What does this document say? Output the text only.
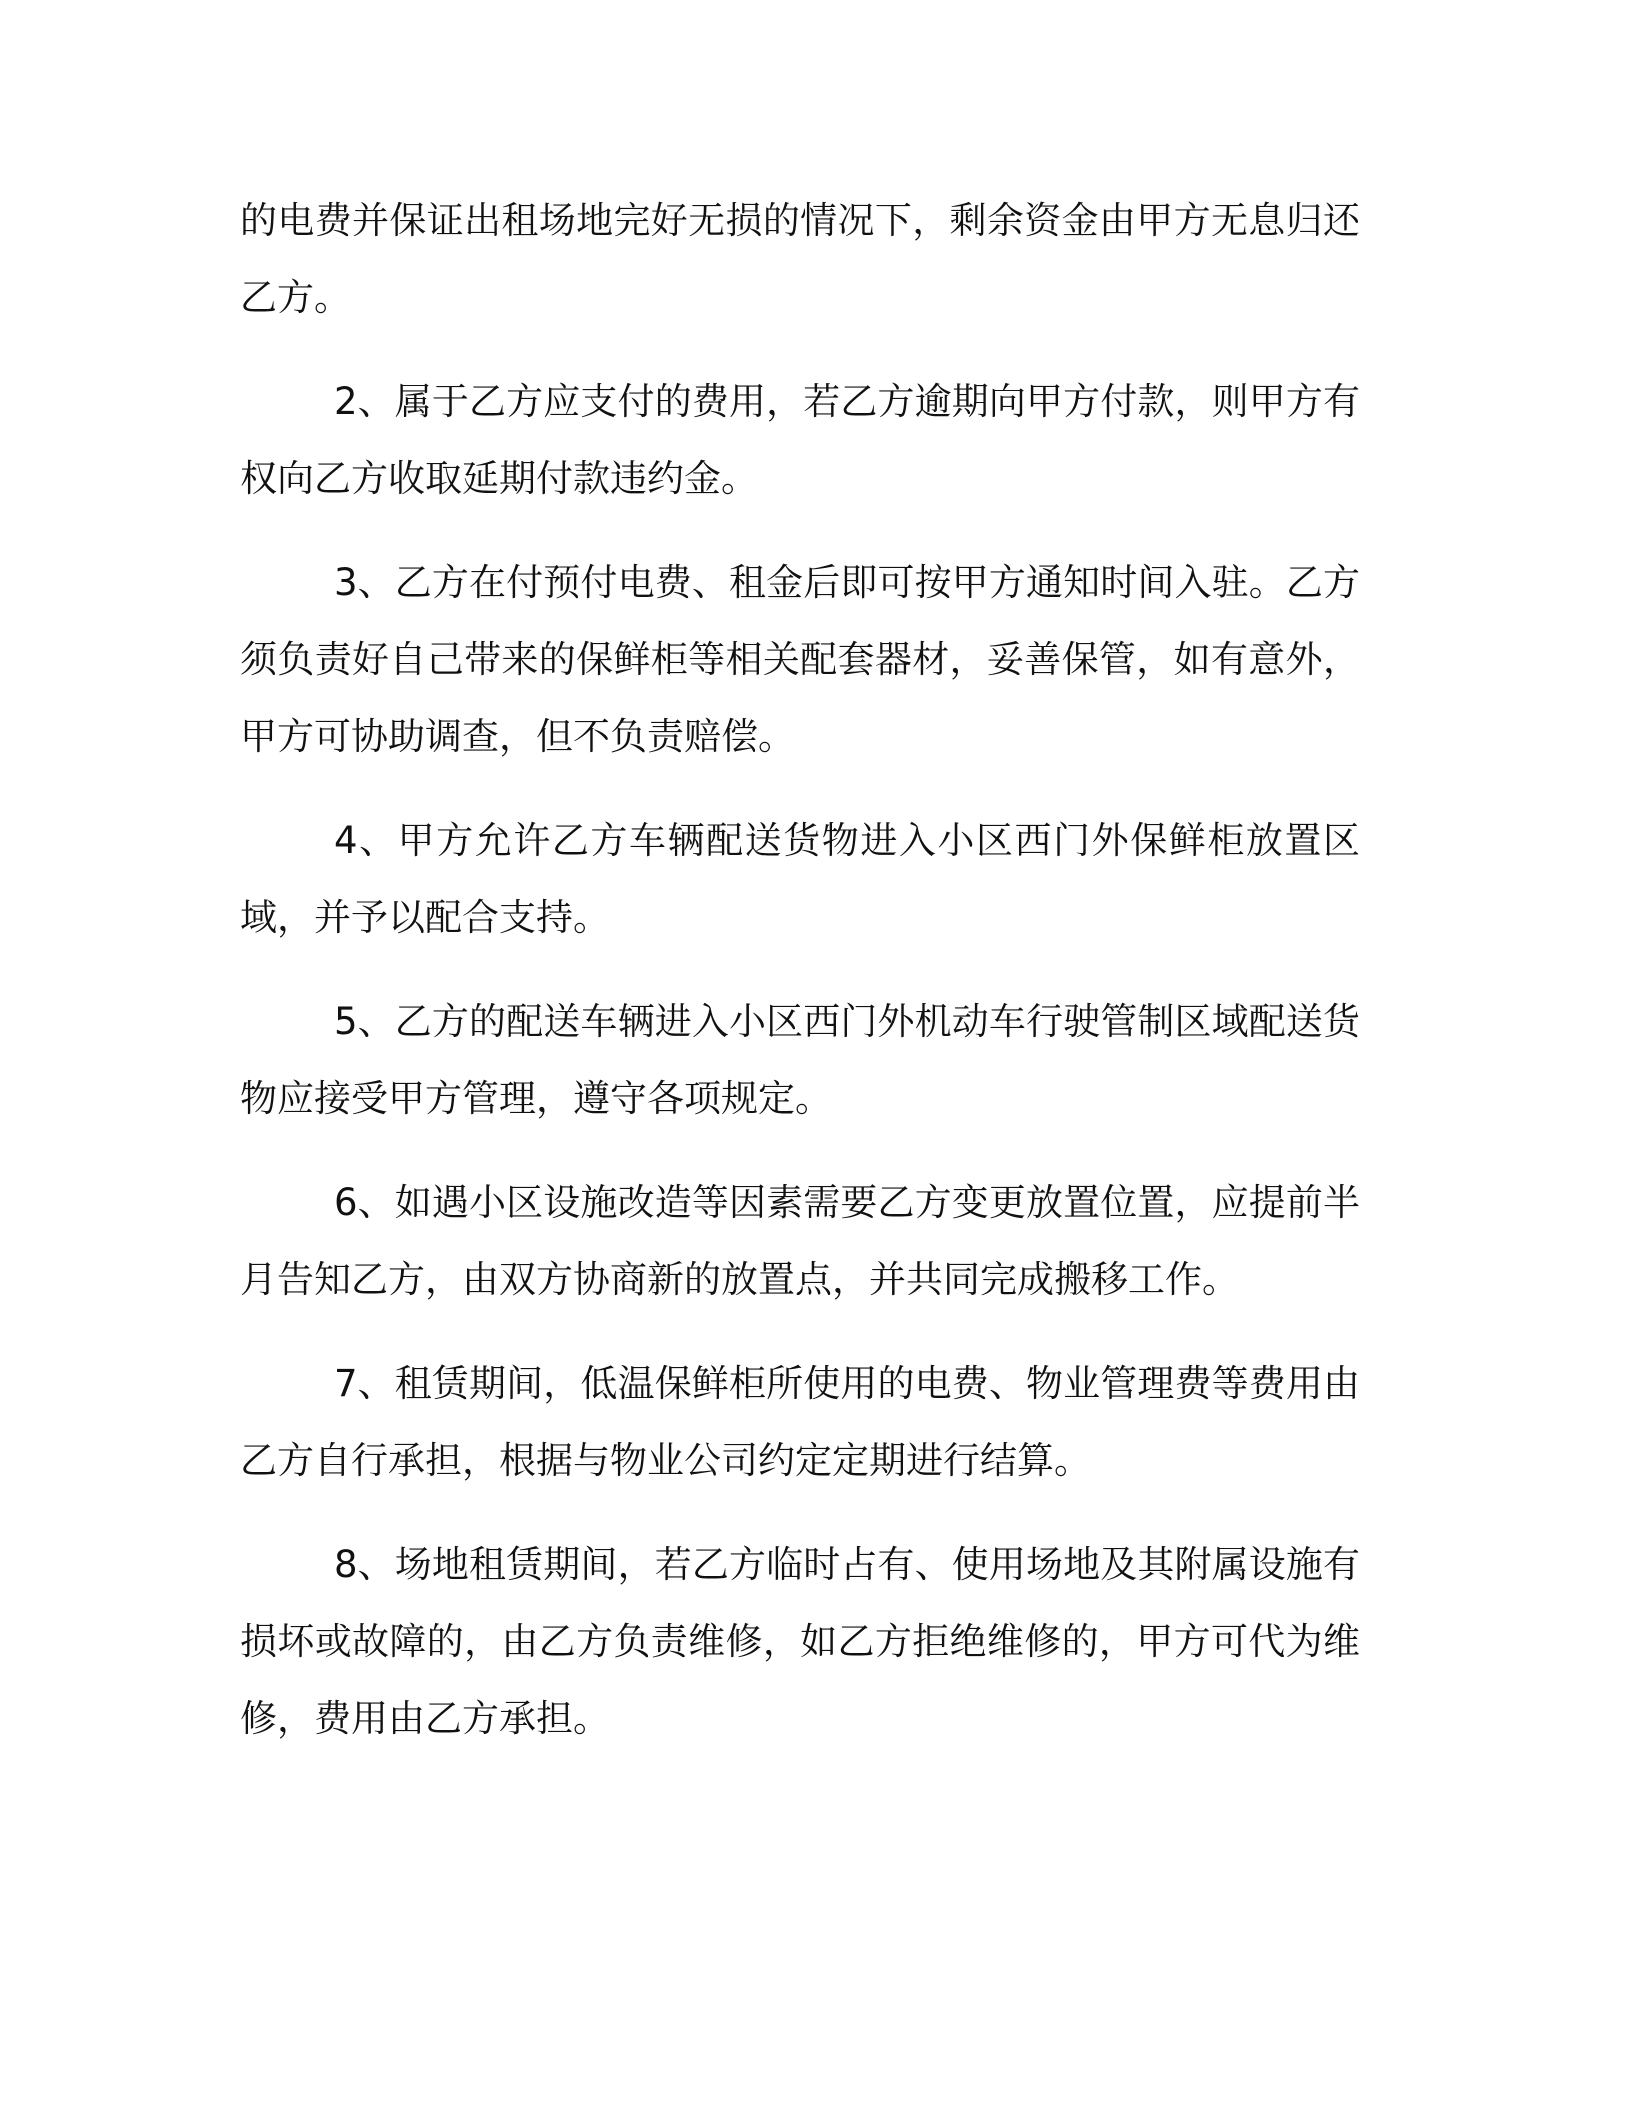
的电费并保证出租场地完好无损的情况下，剩余资金由甲方无息归还乙方。

2、属于乙方应支付的费用，若乙方逾期向甲方付款，则甲方有权向乙方收取延期付款违约金。

3、乙方在付预付电费、租金后即可按甲方通知时间入驻。乙方须负责好自己带来的保鲜柜等相关配套器材，妥善保管，如有意外，甲方可协助调查，但不负责赔偿。

4、甲方允许乙方车辆配送货物进入小区西门外保鲜柜放置区域，并予以配合支持。

5、乙方的配送车辆进入小区西门外机动车行驶管制区域配送货物应接受甲方管理，遵守各项规定。

6、如遇小区设施改造等因素需要乙方变更放置位置，应提前半月告知乙方，由双方协商新的放置点，并共同完成搬移工作。

7、租赁期间，低温保鲜柜所使用的电费、物业管理费等费用由乙方自行承担，根据与物业公司约定定期进行结算。

8、场地租赁期间，若乙方临时占有、使用场地及其附属设施有损坏或故障的，由乙方负责维修，如乙方拒绝维修的，甲方可代为维修，费用由乙方承担。
